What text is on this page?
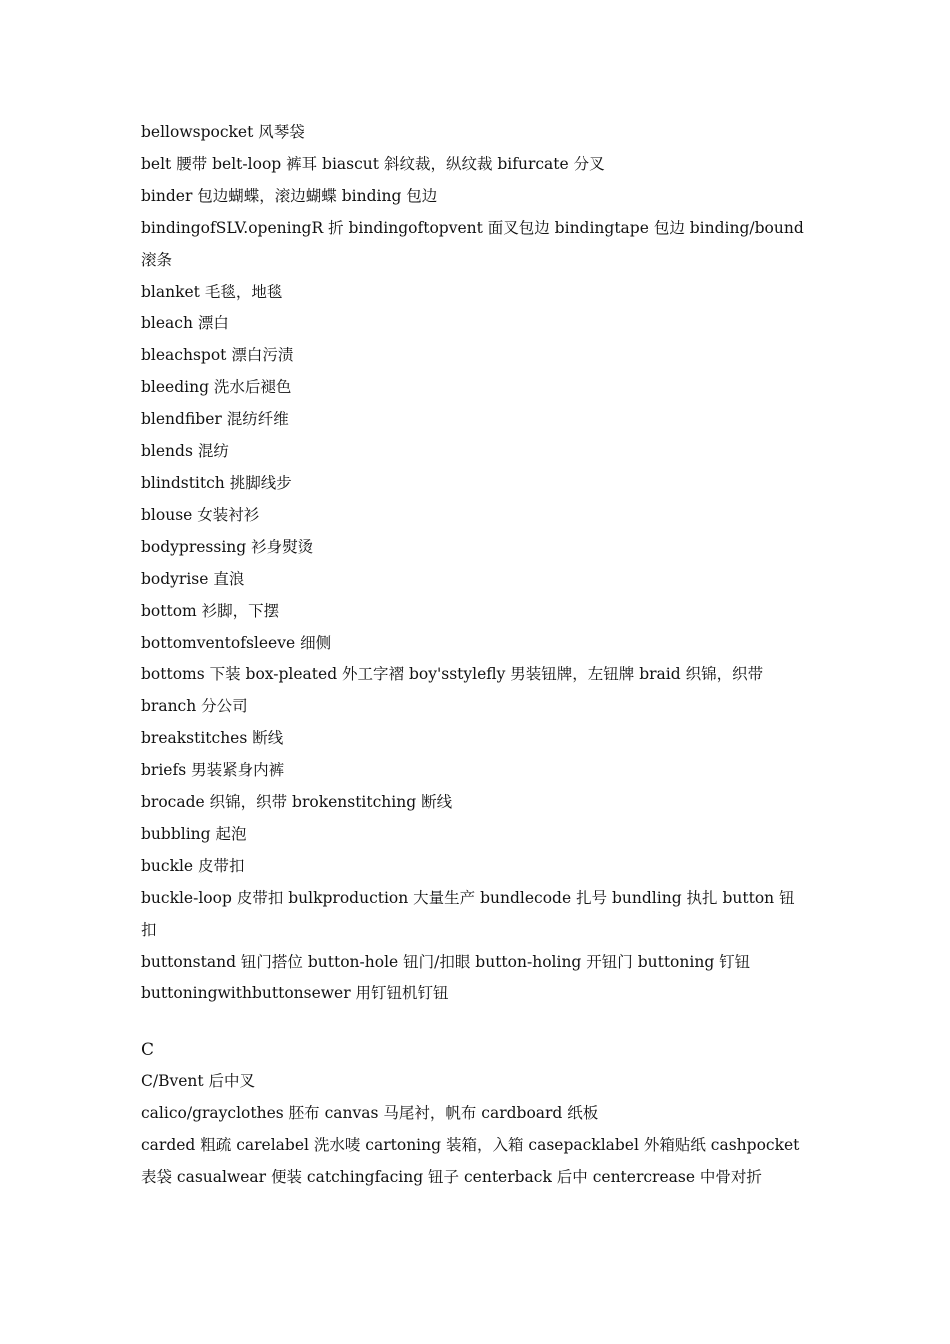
bellowspocket 风琴袋
belt 腰带 belt-loop 裤耳 biascut 斜纹裁，纵纹裁 bifurcate 分叉
binder 包边蝴蝶，滚边蝴蝶 binding 包边
bindingofSLV.openingR 折 bindingoftopvent 面叉包边 bindingtape 包边 binding/bound
滚条
blanket 毛毯，地毯
bleach 漂白
bleachspot 漂白污渍
bleeding 洗水后褪色
blendfiber 混纺纤维
blends 混纺
blindstitch 挑脚线步
blouse 女装衬衫
bodypressing 衫身熨烫
bodyrise 直浪
bottom 衫脚，下摆
bottomventofsleeve 细侧
bottoms 下装 box-pleated 外工字褶 boy'sstylefly 男装钮牌，左钮牌 braid 织锦，织带
branch 分公司
breakstitches 断线
briefs 男装紧身内裤
brocade 织锦，织带 brokenstitching 断线
bubbling 起泡
buckle 皮带扣
buckle-loop 皮带扣 bulkproduction 大量生产 bundlecode 扎号 bundling 执扎 button 钮
扣
buttonstand 钮门搭位 button-hole 钮门/扣眼 button-holing 开钮门 buttoning 钉钮
buttoningwithbuttonsewer 用钉钮机钉钮
C
C/Bvent 后中叉
calico/grayclothes 胚布 canvas 马尾衬，帆布 cardboard 纸板
carded 粗疏 carelabel 洗水唛 cartoning 装箱，入箱 casepacklabel 外箱贴纸 cashpocket
表袋 casualwear 便装 catchingfacing 钮子 centerback 后中 centercrease 中骨对折
